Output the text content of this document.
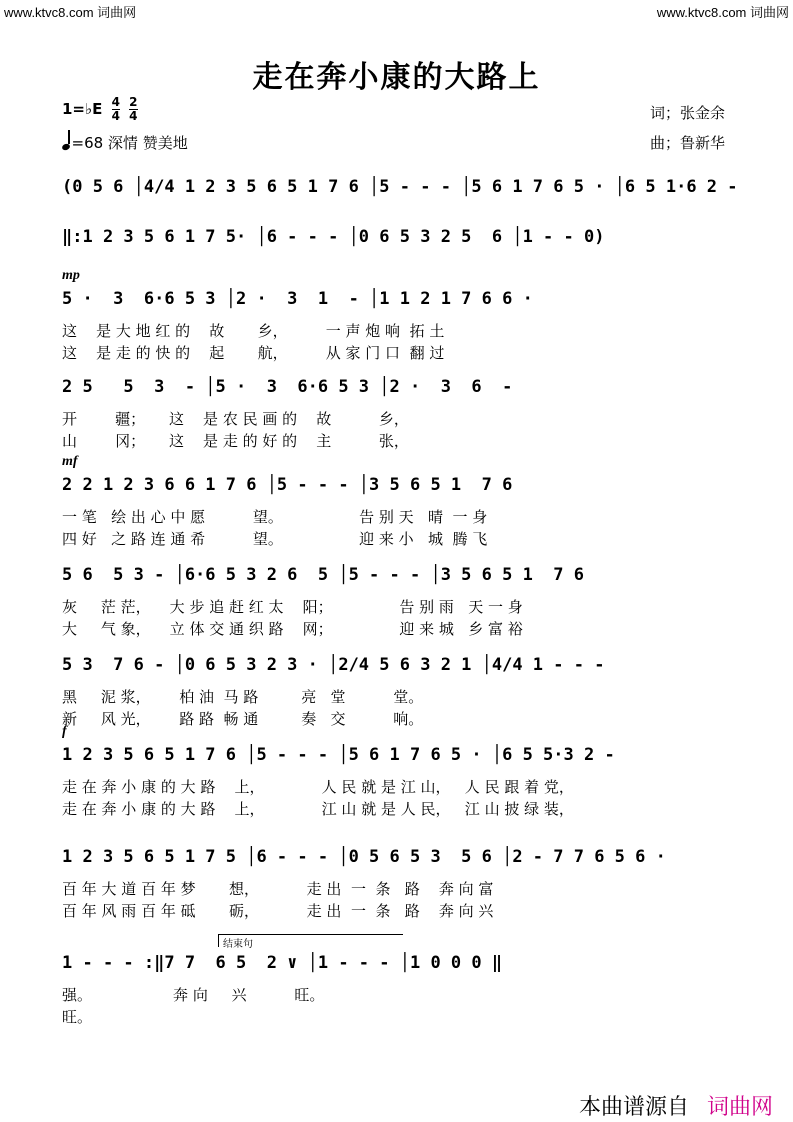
www.ktvc8.com 词曲网	www.ktvc8.com 词曲网
走在奔小康的大路上
1=♭E $\frac{4}{4}$
$\frac{2}{4}$
=68 深情 赞美地
词；张金余
曲；鲁新华
(0 5 6 │4/4 1 2 3 5 6 5 1 7 6 │5 - - - │5 6 1 7 6 5 · │6 5 1·6 2 -
‖:1 2 3 5 6 1 7 5· │6 - - - │0 6 5 3 2 5  6 │1 - - 0)
mp
5 ·  3  6·6 5 3 │2 ·  3  1  - │1 1 2 1 7 6 6 ·
这    是 大 地 红 的    故       乡，        一 声 炮 响  拓 土
这    是 走 的 快 的    起       航，        从 家 门 口  翻 过
2 5   5  3  - │5 ·  3  6·6 5 3 │2 ·  3  6  -
开        疆；     这    是 农 民 画 的    故          乡，
山        冈；     这    是 走 的 好 的    主          张，
mf
2 2 1 2 3 6 6 1 7 6 │5 - - - │3 5 6 5 1  7 6
一 笔   绘 出 心 中 愿          望。                告 别 天   晴  一 身
四 好   之 路 连 通 希          望。                迎 来 小   城  腾 飞
5 6  5 3 - │6·6 5 3 2 6  5 │5 - - - │3 5 6 5 1  7 6
灰     茫 茫，    大 步 追 赶 红 太    阳；              告 别 雨   天 一 身
大     气 象，    立 体 交 通 织 路    网；              迎 来 城   乡 富 裕
5 3  7 6 - │0 6 5 3 2 3 · │2/4 5 6 3 2 1 │4/4 1 - - -
黑     泥 浆，      柏 油  马 路         亮   堂          堂。
新     风 光，      路 路  畅 通         奏   交          响。
f
1 2 3 5 6 5 1 7 6 │5 - - - │5 6 1 7 6 5 · │6 5 5·3 2 -
走 在 奔 小 康 的 大 路    上，            人 民 就 是 江 山，   人 民 跟 着 党，
走 在 奔 小 康 的 大 路    上，            江 山 就 是 人 民，   江 山 披 绿 装，
1 2 3 5 6 5 1 7 5 │6 - - - │0 5 6 5 3  5 6 │2 - 7 7 6 5 6 ·
百 年 大 道 百 年 梦       想，          走 出  一  条   路    奔 向 富
百 年 风 雨 百 年 砥       砺，          走 出  一  条   路    奔 向 兴
1 - - - :‖7 7  6 5  2 ∨ │1 - - - │1 0 0 0 ‖
强。                 奔 向     兴          旺。
旺。
结束句
本曲谱源自 词曲网
